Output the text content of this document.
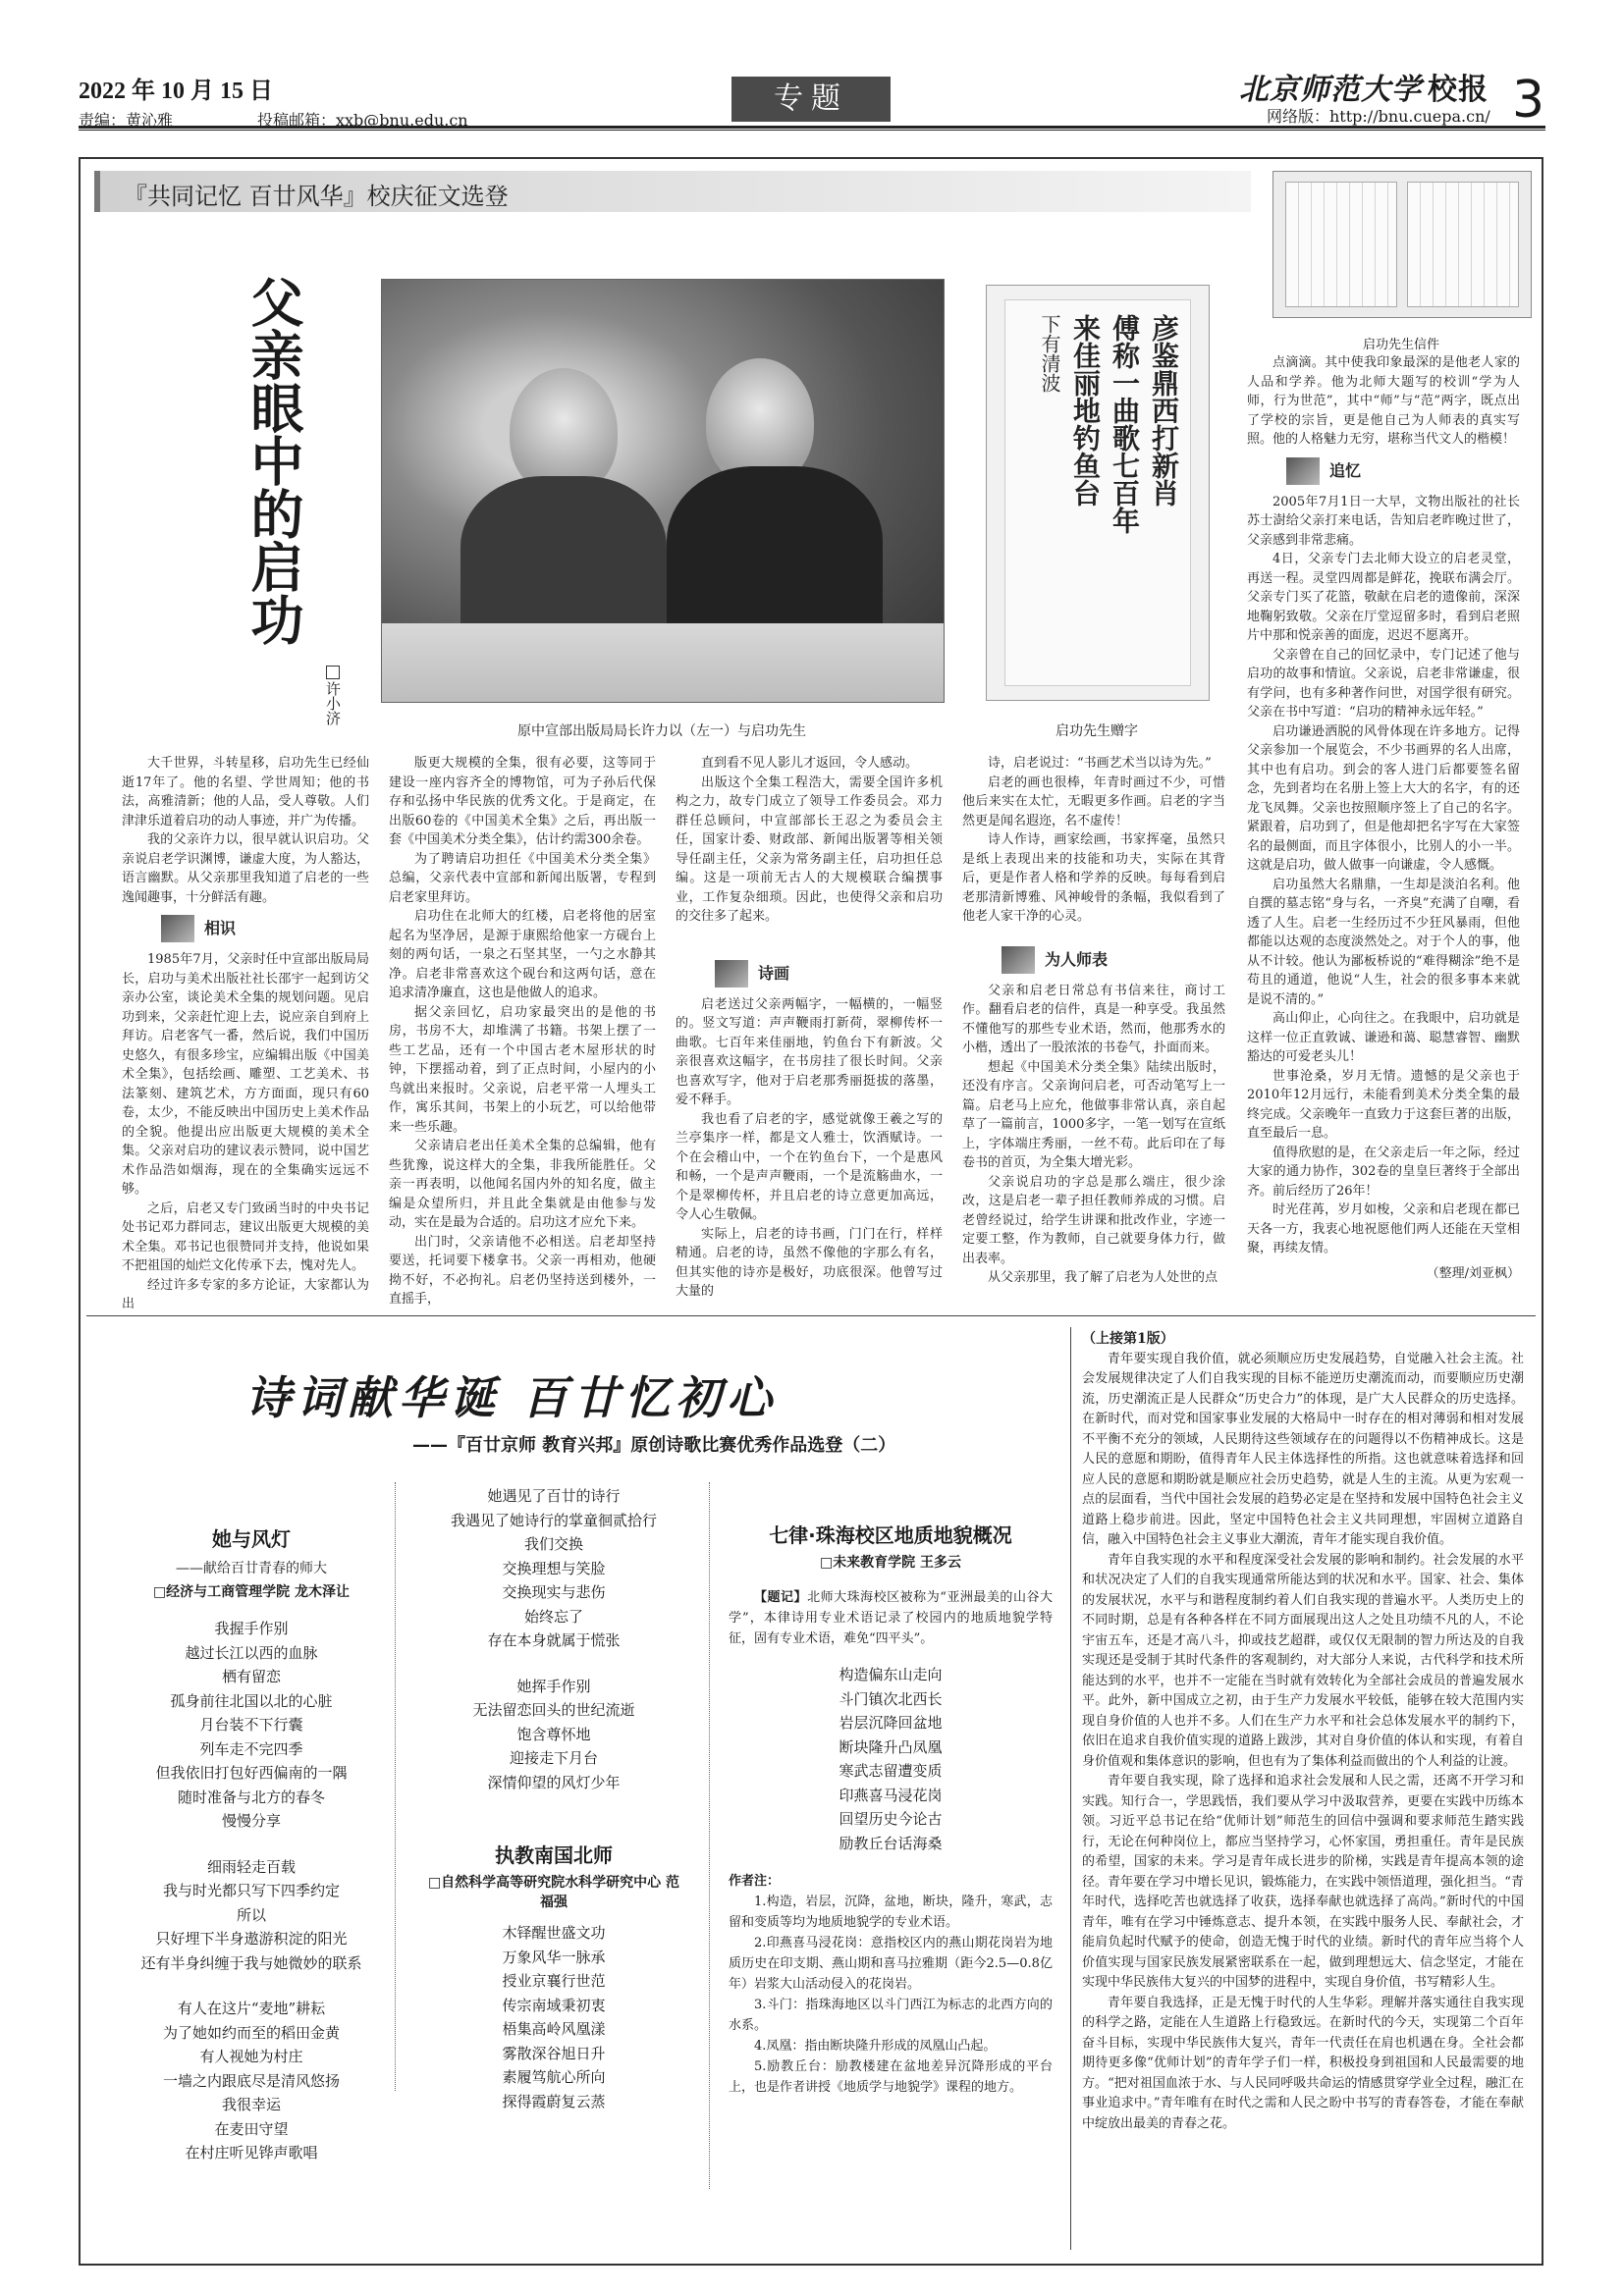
2022 年 10 月 15 日
责编：黄沁雅	投稿邮箱：xxb@bnu.edu.cn
专题	北京师范大学 校报
网络版：http://bnu.cuepa.cn/ 3
『共同记忆 百廿风华』校庆征文选登
父亲眼中的启功
许小济
原中宣部出版局局长许力以（左一）与启功先生
彦鉴鼎西打新肖
傅称一曲歌七百年
来佳丽地钓鱼台
下有清波
启功先生赠字
启功先生信件

大千世界，斗转星移，启功先生已经仙逝17年了。他的名望、学世周知；他的书法，高雅清新；他的人品，受人尊敬。人们津津乐道着启功的动人事迹，并广为传播。

我的父亲许力以，很早就认识启功。父亲说启老学识渊博，谦虚大度，为人豁达，语言幽默。从父亲那里我知道了启老的一些逸闻趣事，十分鲜活有趣。

相识

1985年7月，父亲时任中宣部出版局局长，启功与美术出版社社长邵宇一起到访父亲办公室，谈论美术全集的规划问题。见启功到来，父亲赶忙迎上去，说应亲自到府上拜访。启老客气一番，然后说，我们中国历史悠久，有很多珍宝，应编辑出版《中国美术全集》，包括绘画、雕塑、工艺美术、书法篆刻、建筑艺术，方方面面，现只有60卷，太少，不能反映出中国历史上美术作品的全貌。他提出应出版更大规模的美术全集。父亲对启功的建议表示赞同，说中国艺术作品浩如烟海，现在的全集确实远远不够。

之后，启老又专门致函当时的中央书记处书记邓力群同志，建议出版更大规模的美术全集。邓书记也很赞同并支持，他说如果不把祖国的灿烂文化传承下去，愧对先人。

经过许多专家的多方论证，大家都认为出

版更大规模的全集，很有必要，这等同于建设一座内容齐全的博物馆，可为子孙后代保存和弘扬中华民族的优秀文化。于是商定，在出版60卷的《中国美术全集》之后，再出版一套《中国美术分类全集》，估计约需300余卷。

为了聘请启功担任《中国美术分类全集》总编，父亲代表中宣部和新闻出版署，专程到启老家里拜访。

启功住在北师大的红楼，启老将他的居室起名为坚净居，是源于康熙给他家一方砚台上刻的两句话，一泉之石坚其坚，一勺之水静其净。启老非常喜欢这个砚台和这两句话，意在追求清净廉直，这也是他做人的追求。

据父亲回忆，启功家最突出的是他的书房，书房不大，却堆满了书籍。书架上摆了一些工艺品，还有一个中国古老木屋形状的时钟，下摆摇动着，到了正点时间，小屋内的小鸟就出来报时。父亲说，启老平常一人埋头工作，寓乐其间，书架上的小玩艺，可以给他带来一些乐趣。

父亲请启老出任美术全集的总编辑，他有些犹豫，说这样大的全集，非我所能胜任。父亲一再表明，以他闻名国内外的知名度，做主编是众望所归，并且此全集就是由他参与发动，实在是最为合适的。启功这才应允下来。

出门时，父亲请他不必相送。启老却坚持要送，托词要下楼拿书。父亲一再相劝，他硬拗不好，不必拘礼。启老仍坚持送到楼外，一直摇手，

直到看不见人影儿才返回，令人感动。

出版这个全集工程浩大，需要全国许多机构之力，故专门成立了领导工作委员会。邓力群任总顾问，中宣部部长王忍之为委员会主任，国家计委、财政部、新闻出版署等相关领导任副主任，父亲为常务副主任，启功担任总编。这是一项前无古人的大规模联合编撰事业，工作复杂细琐。因此，也使得父亲和启功的交往多了起来。

诗画

启老送过父亲两幅字，一幅横的，一幅竖的。竖文写道：声声鞭雨打新荷，翠柳传杯一曲歌。七百年来佳丽地，钓鱼台下有新波。父亲很喜欢这幅字，在书房挂了很长时间。父亲也喜欢写字，他对于启老那秀丽挺拔的落墨，爱不释手。

我也看了启老的字，感觉就像王羲之写的兰亭集序一样，都是文人雅士，饮酒赋诗。一个在会稽山中，一个在钓鱼台下，一个是惠风和畅，一个是声声鞭雨，一个是流觞曲水，一个是翠柳传杯，并且启老的诗立意更加高远，令人心生敬佩。

实际上，启老的诗书画，门门在行，样样精通。启老的诗，虽然不像他的字那么有名，但其实他的诗亦是极好，功底很深。他曾写过大量的

诗，启老说过：“书画艺术当以诗为先。”

启老的画也很棒，年青时画过不少，可惜他后来实在太忙，无暇更多作画。启老的字当然更是闻名遐迩，名不虚传！

诗人作诗，画家绘画，书家挥毫，虽然只是纸上表现出来的技能和功夫，实际在其背后，更是作者人格和学养的反映。每每看到启老那清新博雅、风神峻骨的条幅，我似看到了他老人家干净的心灵。

为人师表

父亲和启老日常总有书信来往，商讨工作。翻看启老的信件，真是一种享受。我虽然不懂他写的那些专业术语，然而，他那秀水的小楷，透出了一股浓浓的书卷气，扑面而来。

想起《中国美术分类全集》陆续出版时，还没有序言。父亲询问启老，可否动笔写上一篇。启老马上应允，他做事非常认真，亲自起草了一篇前言，1000多字，一笔一划写在宣纸上，字体端庄秀丽，一丝不苟。此后印在了每卷书的首页，为全集大增光彩。

父亲说启功的字总是那么端庄，很少涂改，这是启老一辈子担任教师养成的习惯。启老曾经说过，给学生讲课和批改作业，字迹一定要工整，作为教师，自己就要身体力行，做出表率。

从父亲那里，我了解了启老为人处世的点

点滴滴。其中使我印象最深的是他老人家的人品和学养。他为北师大题写的校训“学为人师，行为世范”，其中“师”与“范”两字，既点出了学校的宗旨，更是他自己为人师表的真实写照。他的人格魅力无穷，堪称当代文人的楷模！

追忆

2005年7月1日一大早，文物出版社的社长苏士澍给父亲打来电话，告知启老昨晚过世了，父亲感到非常悲痛。

4日，父亲专门去北师大设立的启老灵堂，再送一程。灵堂四周都是鲜花，挽联布满会厅。父亲专门买了花篮，敬献在启老的遗像前，深深地鞠躬致敬。父亲在厅堂逗留多时，看到启老照片中那和悦亲善的面庞，迟迟不愿离开。

父亲曾在自己的回忆录中，专门记述了他与启功的故事和情谊。父亲说，启老非常谦虚，很有学问，也有多种著作问世，对国学很有研究。父亲在书中写道：“启功的精神永远年轻。”

启功谦逊洒脱的风骨体现在许多地方。记得父亲参加一个展览会，不少书画界的名人出席，其中也有启功。到会的客人进门后都要签名留念，先到者均在名册上签上大大的名字，有的还龙飞凤舞。父亲也按照顺序签上了自己的名字。紧跟着，启功到了，但是他却把名字写在大家签名的最侧面，而且字体很小，比别人的小一半。这就是启功，做人做事一向谦虚，令人感慨。

启功虽然大名鼎鼎，一生却是淡泊名利。他自撰的墓志铭“身与名，一齐臭”充满了自嘲，看透了人生。启老一生经历过不少狂风暴雨，但他都能以达观的态度淡然处之。对于个人的事，他从不计较。他认为鄙板桥说的“难得糊涂”绝不是苟且的通道，他说“人生，社会的很多事本来就是说不清的。”

高山仰止，心向往之。在我眼中，启功就是这样一位正直敦诚、谦逊和蔼、聪慧睿智、幽默豁达的可爱老头儿！

世事沧桑，岁月无情。遗憾的是父亲也于2010年12月远行，未能看到美术分类全集的最终完成。父亲晚年一直致力于这套巨著的出版，直至最后一息。

值得欣慰的是，在父亲走后一年之际，经过大家的通力协作，302卷的皇皇巨著终于全部出齐。前后经历了26年！

时光荏苒，岁月如梭，父亲和启老现在都已天各一方，我衷心地祝愿他们两人还能在天堂相聚，再续友情。

（整理/刘亚枫）
诗词献华诞 百廿忆初心
——『百廿京师 教育兴邦』原创诗歌比赛优秀作品选登（二）
她与风灯
——献给百廿青春的师大
□经济与工商管理学院 龙木泽让
我握手作别
越过长江以西的血脉
栖有留恋
孤身前往北国以北的心脏
月台装不下行囊
列车走不完四季
但我依旧打包好西偏南的一隅
随时准备与北方的春冬
慢慢分享
细雨轻走百载
我与时光都只写下四季约定
所以
只好埋下半身遨游积淀的阳光
还有半身纠缠于我与她微妙的联系
有人在这片“麦地”耕耘
为了她如约而至的稻田金黄
有人视她为村庄
一墙之内跟底尽是清风悠扬
我很幸运
在麦田守望
在村庄听见铧声歌唱
她遇见了百廿的诗行
我遇见了她诗行的掌童徊贰拾行
我们交换
交换理想与笑脸
交换现实与悲伤
始终忘了
存在本身就属于慌张
她挥手作别
无法留恋回头的世纪流逝
饱含尊怀地
迎接走下月台
深情仰望的风灯少年
执教南国北师
□自然科学高等研究院水科学研究中心 范福强
木铎醒世盛文功
万象风华一脉承
授业京襄行世范
传宗南域秉初衷
梧集高岭风凰漾
雾散深谷旭日升
素履笃航心所向
探得霞蔚复云蒸
七律·珠海校区地质地貌概况
□未来教育学院 王多云

【题记】北师大珠海校区被称为“亚洲最美的山谷大学”，本律诗用专业术语记录了校园内的地质地貌学特征，固有专业术语，难免“四平头”。

构造偏东山走向
斗门镇次北西长
岩层沉降回盆地
断块隆升凸凤凰
寒武志留遭变质
印燕喜马浸花岗
回望历史今论古
励教丘台话海桑
作者注：

1.构造，岩层，沉降，盆地，断块，隆升，寒武，志留和变质等均为地质地貌学的专业术语。

2.印燕喜马浸花岗：意指校区内的燕山期花岗岩为地质历史在印支期、燕山期和喜马拉雅期（距今2.5—0.8亿年）岩浆大山活动侵入的花岗岩。

3.斗门：指珠海地区以斗门西江为标志的北西方向的水系。

4.凤凰：指由断块隆升形成的凤凰山凸起。

5.励教丘台：励教楼建在盆地差异沉降形成的平台上，也是作者讲授《地质学与地貌学》课程的地方。

（上接第1版）

青年要实现自我价值，就必须顺应历史发展趋势，自觉融入社会主流。社会发展规律决定了人们自我实现的目标不能逆历史潮流而动，而要顺应历史潮流，历史潮流正是人民群众“历史合力”的体现，是广大人民群众的历史选择。在新时代，而对党和国家事业发展的大格局中一时存在的相对薄弱和相对发展不平衡不充分的领域，人民期待这些领域存在的问题得以不伤精神成长。这是人民的意愿和期盼，值得青年人民主体选择性的所指。这也就意味着选择和回应人民的意愿和期盼就是顺应社会历史趋势，就是人生的主流。从更为宏观一点的层面看，当代中国社会发展的趋势必定是在坚持和发展中国特色社会主义道路上稳步前进。因此，坚定中国特色社会主义共同理想，牢固树立道路自信，融入中国特色社会主义事业大潮流，青年才能实现自我价值。

青年自我实现的水平和程度深受社会发展的影响和制约。社会发展的水平和状况决定了人们的自我实现通常所能达到的状况和水平。国家、社会、集体的发展状况，水平与和谐程度制约着人们自我实现的普遍水平。人类历史上的不同时期，总是有各种各样在不同方面展现出这人之处且功绩不凡的人，不论宇宙五车，还是才高八斗，抑或技艺超群，或仅仅无限制的智力所达及的自我实现还是受制于其时代条件的客观制约，对大部分人来说，古代科学和技术所能达到的水平，也并不一定能在当时就有效转化为全部社会成员的普遍发展水平。此外，新中国成立之初，由于生产力发展水平较低，能够在较大范围内实现自身价值的人也并不多。人们在生产力水平和社会总体发展水平的制约下，依旧在追求自我价值实现的道路上跋涉，其对自身价值的体认和实现，有着自身价值观和集体意识的影响，但也有为了集体利益而做出的个人利益的让渡。

青年要自我实现，除了选择和追求社会发展和人民之需，还离不开学习和实践。知行合一，学思践悟，我们要从学习中汲取营养，更要在实践中历练本领。习近平总书记在给“优师计划”师范生的回信中强调和要求师范生踏实践行，无论在何种岗位上，都应当坚持学习，心怀家国，勇担重任。青年是民族的希望，国家的未来。学习是青年成长进步的阶梯，实践是青年提高本领的途径。青年要在学习中增长见识，锻炼能力，在实践中领悟道理，强化担当。“青年时代，选择吃苦也就选择了收获，选择奉献也就选择了高尚。”新时代的中国青年，唯有在学习中锤炼意志、提升本领，在实践中服务人民、奉献社会，才能肩负起时代赋予的使命，创造无愧于时代的业绩。新时代的青年应当将个人价值实现与国家民族发展紧密联系在一起，做到理想远大、信念坚定，才能在实现中华民族伟大复兴的中国梦的进程中，实现自身价值，书写精彩人生。

青年要自我选择，正是无愧于时代的人生华彩。理解并落实通往自我实现的科学之路，定能在人生道路上行稳致远。在新时代的今天，实现第二个百年奋斗目标，实现中华民族伟大复兴，青年一代责任在肩也机遇在身。全社会都期待更多像“优师计划”的青年学子们一样，积极投身到祖国和人民最需要的地方。“把对祖国血浓于水、与人民同呼吸共命运的情感贯穿学业全过程，融汇在事业追求中。”青年唯有在时代之需和人民之盼中书写的青春答卷，才能在奉献中绽放出最美的青春之花。
